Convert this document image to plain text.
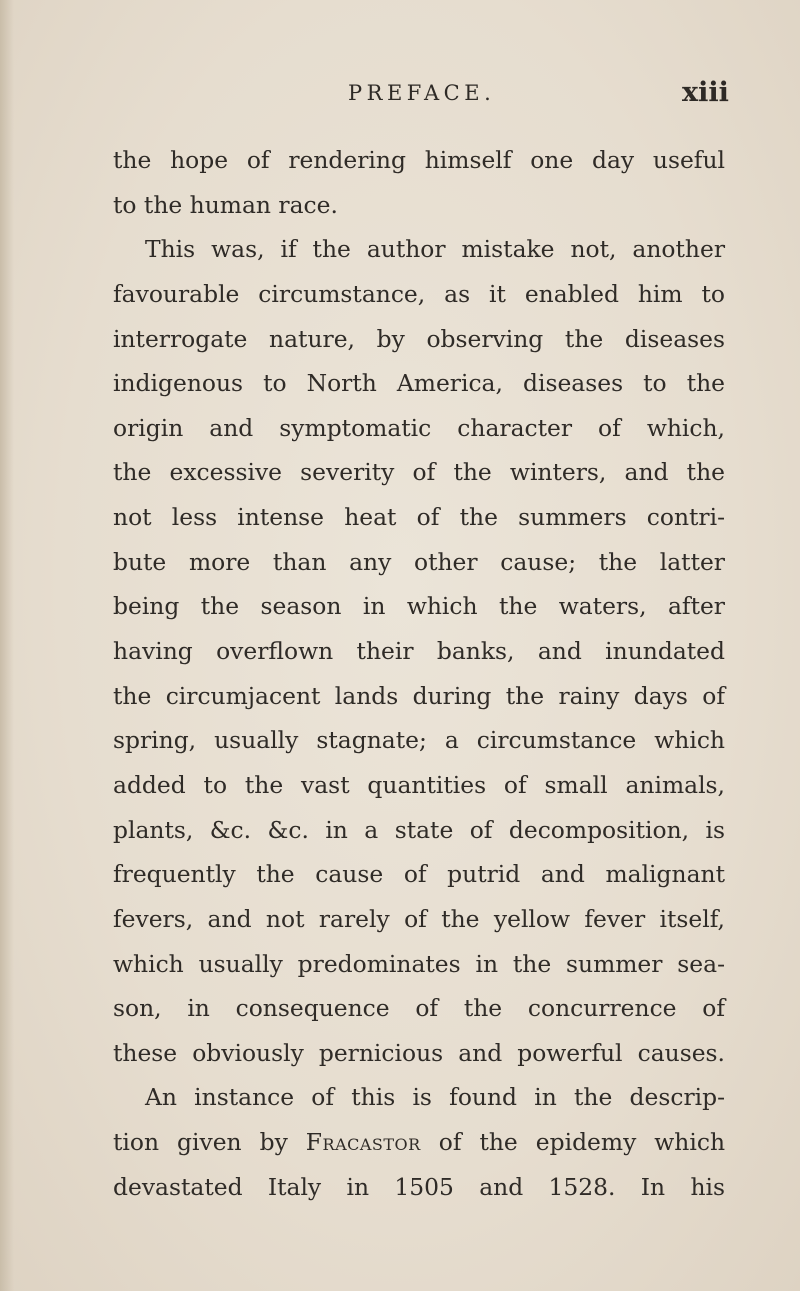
PREFACE.	xiii
the hope of rendering himself one day useful
to the human race.
This was, if the author mistake not, another
favourable circumstance, as it enabled him to
interrogate nature, by observing the diseases
indigenous to North America, diseases to the
origin and symptomatic character of which,
the excessive severity of the winters, and the
not less intense heat of the summers contri-
bute more than any other cause; the latter
being the season in which the waters, after
having overflown their banks, and inundated
the circumjacent lands during the rainy days of
spring, usually stagnate; a circumstance which
added to the vast quantities of small animals,
plants, &c. &c. in a state of decomposition, is
frequently the cause of putrid and malignant
fevers, and not rarely of the yellow fever itself,
which usually predominates in the summer sea-
son, in consequence of the concurrence of
these obviously pernicious and powerful causes.
An instance of this is found in the descrip-
tion given by Fracastor of the epidemy which
devastated Italy in 1505 and 1528. In his
